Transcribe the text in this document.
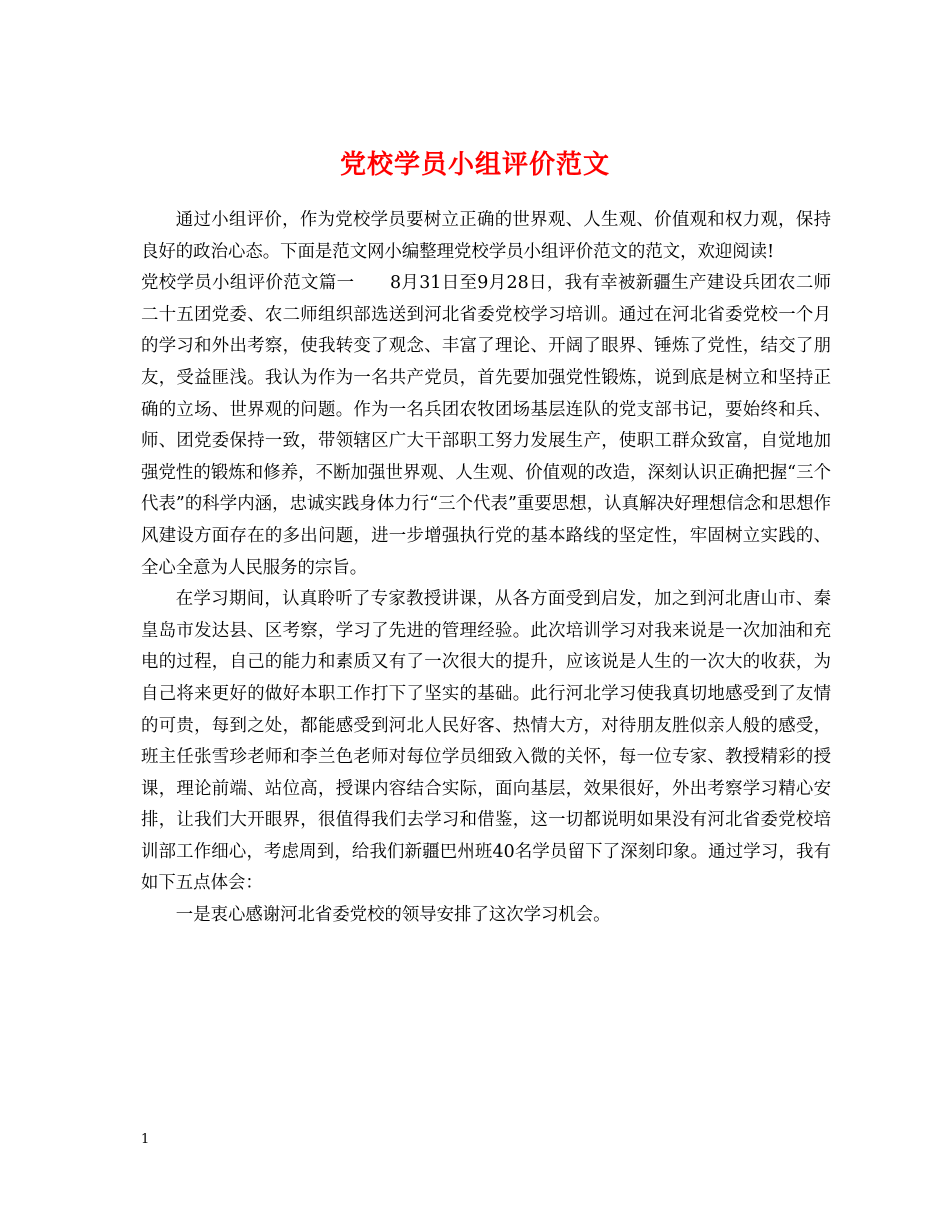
党校学员小组评价范文

通过小组评价，作为党校学员要树立正确的世界观、人生观、价值观和权力观，保持良好的政治心态。下面是范文网小编整理党校学员小组评价范文的范文，欢迎阅读!

党校学员小组评价范文篇一　　8月31日至9月28日，我有幸被新疆生产建设兵团农二师二十五团党委、农二师组织部选送到河北省委党校学习培训。通过在河北省委党校一个月的学习和外出考察，使我转变了观念、丰富了理论、开阔了眼界、锤炼了党性，结交了朋友，受益匪浅。我认为作为一名共产党员，首先要加强党性锻炼，说到底是树立和坚持正确的立场、世界观的问题。作为一名兵团农牧团场基层连队的党支部书记，要始终和兵、师、团党委保持一致，带领辖区广大干部职工努力发展生产，使职工群众致富，自觉地加强党性的锻炼和修养，不断加强世界观、人生观、价值观的改造，深刻认识正确把握“三个代表”的科学内涵，忠诚实践身体力行“三个代表”重要思想，认真解决好理想信念和思想作风建设方面存在的多出问题，进一步增强执行党的基本路线的坚定性，牢固树立实践的、全心全意为人民服务的宗旨。

在学习期间，认真聆听了专家教授讲课，从各方面受到启发，加之到河北唐山市、秦皇岛市发达县、区考察，学习了先进的管理经验。此次培训学习对我来说是一次加油和充电的过程，自己的能力和素质又有了一次很大的提升，应该说是人生的一次大的收获，为自己将来更好的做好本职工作打下了坚实的基础。此行河北学习使我真切地感受到了友情的可贵，每到之处，都能感受到河北人民好客、热情大方，对待朋友胜似亲人般的感受，班主任张雪珍老师和李兰色老师对每位学员细致入微的关怀，每一位专家、教授精彩的授课，理论前端、站位高，授课内容结合实际，面向基层，效果很好，外出考察学习精心安排，让我们大开眼界，很值得我们去学习和借鉴，这一切都说明如果没有河北省委党校培训部工作细心，考虑周到，给我们新疆巴州班40名学员留下了深刻印象。通过学习，我有如下五点体会：

一是衷心感谢河北省委党校的领导安排了这次学习机会。

1
